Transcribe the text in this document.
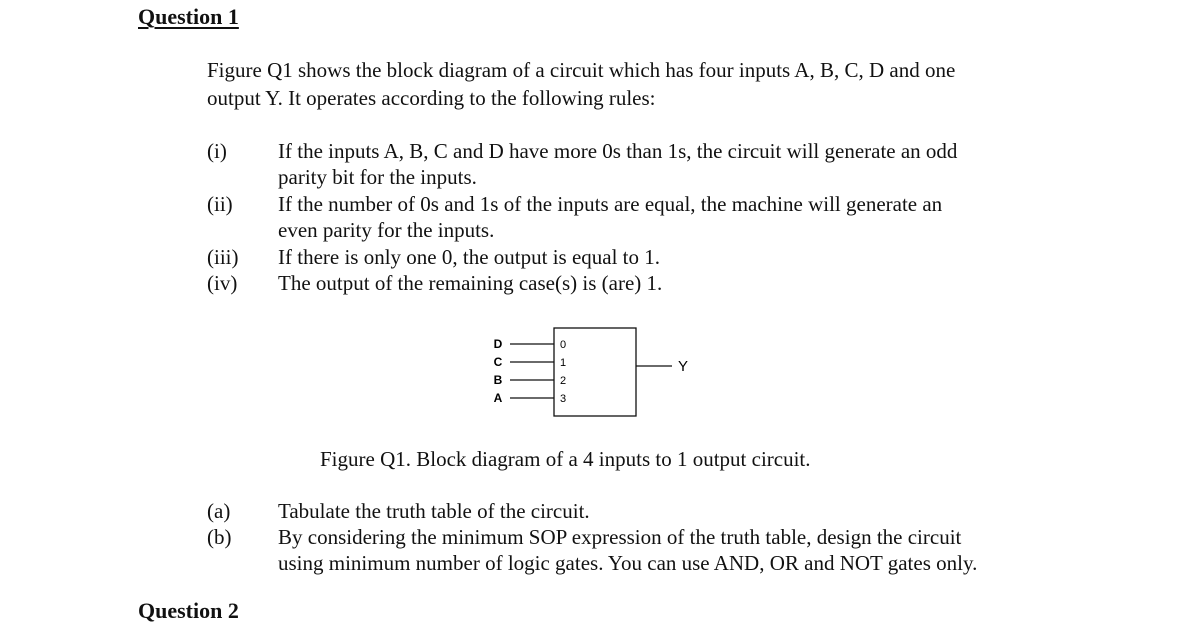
Question 1
Figure Q1 shows the block diagram of a circuit which has four inputs A, B, C, D and one
output Y. It operates according to the following rules:
(i) If the inputs A, B, C and D have more 0s than 1s, the circuit will generate an odd
parity bit for the inputs.
(ii) If the number of 0s and 1s of the inputs are equal, the machine will generate an
even parity for the inputs.
(iii) If there is only one 0, the output is equal to 1.
(iv) The output of the remaining case(s) is (are) 1.
D
C
B
A
0
1
2
3
Y
Figure Q1. Block diagram of a 4 inputs to 1 output circuit.
(a) Tabulate the truth table of the circuit.
(b) By considering the minimum SOP expression of the truth table, design the circuit
using minimum number of logic gates. You can use AND, OR and NOT gates only.
Question 2
